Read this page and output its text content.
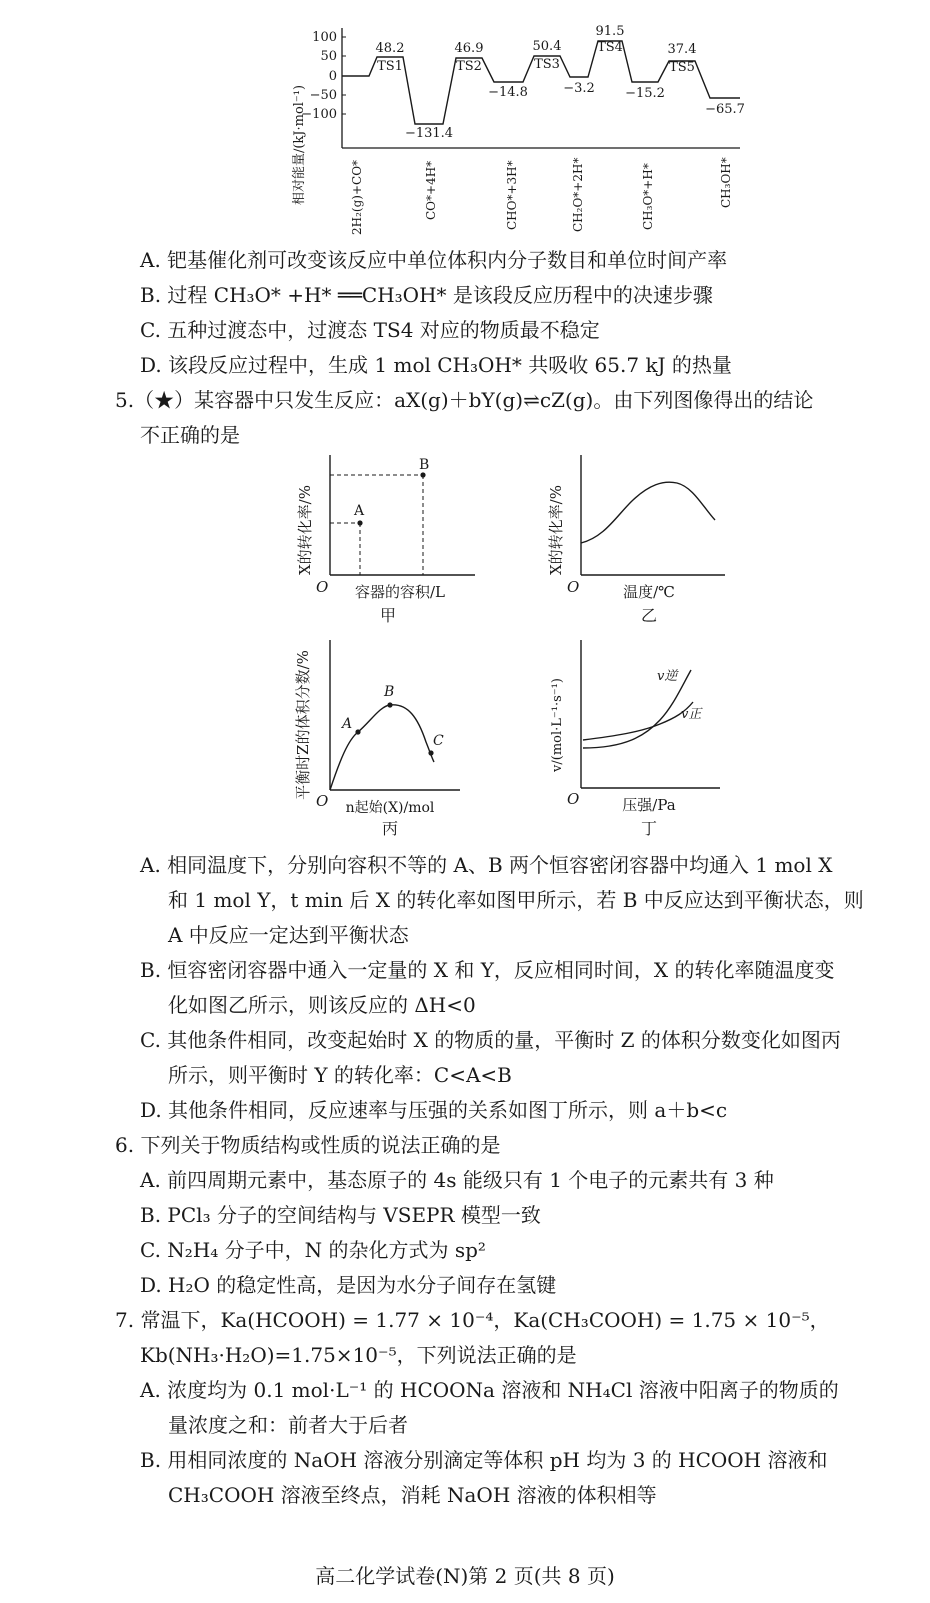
相对能量/(kJ·mol⁻¹)
100
50
0
−50
−100
48.2
TS1
−131.4
46.9
TS2
−14.8
50.4
TS3
−3.2
91.5
TS4
−15.2
37.4
TS5
−65.7
2H₂(g)+CO*	CO*+4H*	CHO*+3H*	CH₂O*+2H*	CH₃O*+H*	CH₃OH*
A. 钯基催化剂可改变该反应中单位体积内分子数目和单位时间产率
B. 过程 CH₃O* +H* ══CH₃OH* 是该段反应历程中的决速步骤
C. 五种过渡态中，过渡态 TS4 对应的物质最不稳定
D. 该段反应过程中，生成 1 mol CH₃OH* 共吸收 65.7 kJ 的热量
5.（★）某容器中只发生反应：aX(g)＋bY(g)⇌cZ(g)。由下列图像得出的结论
不正确的是
X的转化率/%
O
B
A
容器的容积/L
甲
X的转化率/%
O	温度/℃
乙
平衡时Z的体积分数/%
O
A
B
C
n起始(X)/mol
丙
v/(mol·L⁻¹·s⁻¹)
O
v逆
v正
压强/Pa
丁
A. 相同温度下，分别向容积不等的 A、B 两个恒容密闭容器中均通入 1 mol X
和 1 mol Y，t min 后 X 的转化率如图甲所示，若 B 中反应达到平衡状态，则
A 中反应一定达到平衡状态
B. 恒容密闭容器中通入一定量的 X 和 Y，反应相同时间，X 的转化率随温度变
化如图乙所示，则该反应的 ΔH<0
C. 其他条件相同，改变起始时 X 的物质的量，平衡时 Z 的体积分数变化如图丙
所示，则平衡时 Y 的转化率：C<A<B
D. 其他条件相同，反应速率与压强的关系如图丁所示，则 a＋b<c
6. 下列关于物质结构或性质的说法正确的是
A. 前四周期元素中，基态原子的 4s 能级只有 1 个电子的元素共有 3 种
B. PCl₃ 分子的空间结构与 VSEPR 模型一致
C. N₂H₄ 分子中，N 的杂化方式为 sp²
D. H₂O 的稳定性高，是因为水分子间存在氢键
7. 常温下，Ka(HCOOH) = 1.77 × 10⁻⁴，Ka(CH₃COOH) = 1.75 × 10⁻⁵，
Kb(NH₃·H₂O)=1.75×10⁻⁵，下列说法正确的是
A. 浓度均为 0.1 mol·L⁻¹ 的 HCOONa 溶液和 NH₄Cl 溶液中阳离子的物质的
量浓度之和：前者大于后者
B. 用相同浓度的 NaOH 溶液分别滴定等体积 pH 均为 3 的 HCOOH 溶液和
CH₃COOH 溶液至终点，消耗 NaOH 溶液的体积相等
高二化学试卷(N)第 2 页(共 8 页)
